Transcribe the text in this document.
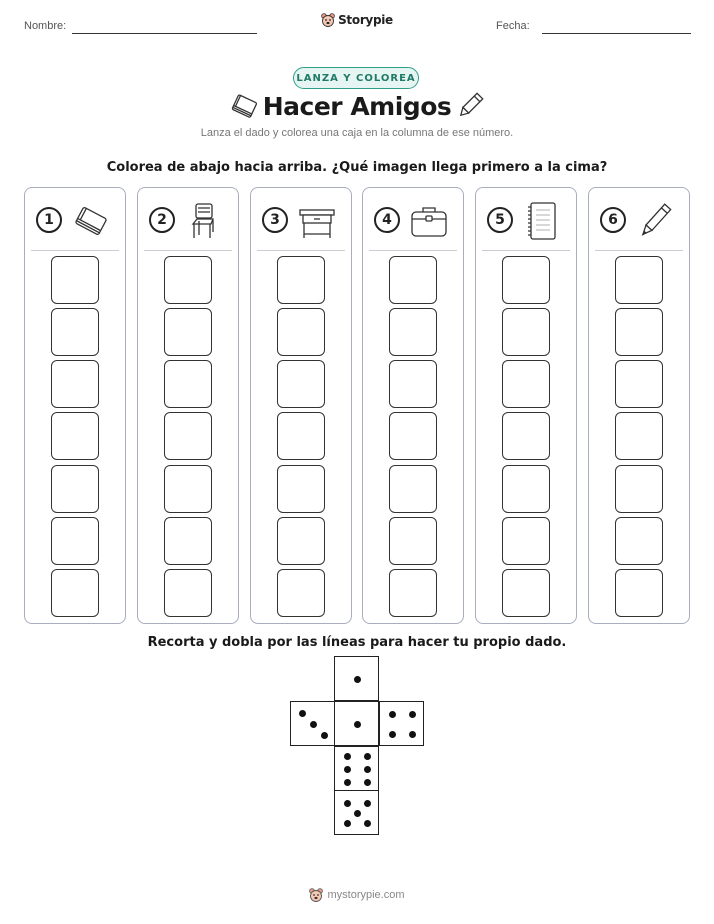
Nombre:	Storypie	Fecha:
LANZA Y COLOREA
Hacer Amigos
Lanza el dado y colorea una caja en la columna de ese número.
Colorea de abajo hacia arriba. ¿Qué imagen llega primero a la cima?
1	2	3	4	5	6
Recorta y dobla por las líneas para hacer tu propio dado.
mystorypie.com
